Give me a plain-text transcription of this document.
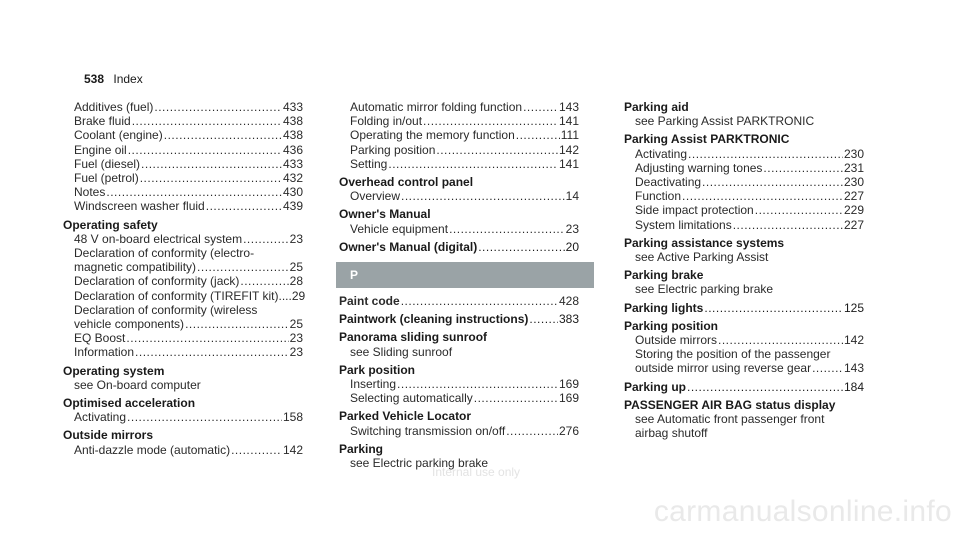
538 Index
Additives (fuel) .....	433
Brake fluid .....	438
Coolant (engine) .....	438
Engine oil .....	436
Fuel (diesel) .....	433
Fuel (petrol) .....	432
Notes .....	430
Windscreen washer fluid .....	439
Operating safety
48 V on-board electrical system .....	23
Declaration of conformity (electro-
magnetic compatibility) .....	25
Declaration of conformity (jack) .....	28
Declaration of conformity (TIREFIT kit).... 29
Declaration of conformity (wireless
vehicle components) .....	25
EQ Boost .....	23
Information .....	23
Operating system
see On-board computer
Optimised acceleration
Activating .....	158
Outside mirrors
Anti-dazzle mode (automatic) .....	142
Automatic mirror folding function .....	143
Folding in/out .....	141
Operating the memory function .....	111
Parking position .....	142
Setting .....	141
Overhead control panel
Overview .....	14
Owner's Manual
Vehicle equipment .....	23
Owner's Manual (digital) .....	20
P
Paint code .....	428
Paintwork (cleaning instructions) .....	383
Panorama sliding sunroof
see Sliding sunroof
Park position
Inserting .....	169
Selecting automatically .....	169
Parked Vehicle Locator
Switching transmission on/off .....	276
Parking
see Electric parking brake
Parking aid
see Parking Assist PARKTRONIC
Parking Assist PARKTRONIC
Activating .....	230
Adjusting warning tones .....	231
Deactivating .....	230
Function .....	227
Side impact protection .....	229
System limitations .....	227
Parking assistance systems
see Active Parking Assist
Parking brake
see Electric parking brake
Parking lights .....	125
Parking position
Outside mirrors .....	142
Storing the position of the passenger
outside mirror using reverse gear .....	143
Parking up .....	184
PASSENGER AIR BAG status display
see Automatic front passenger front
airbag shutoff
Internal use only
carmanualsonline.info
